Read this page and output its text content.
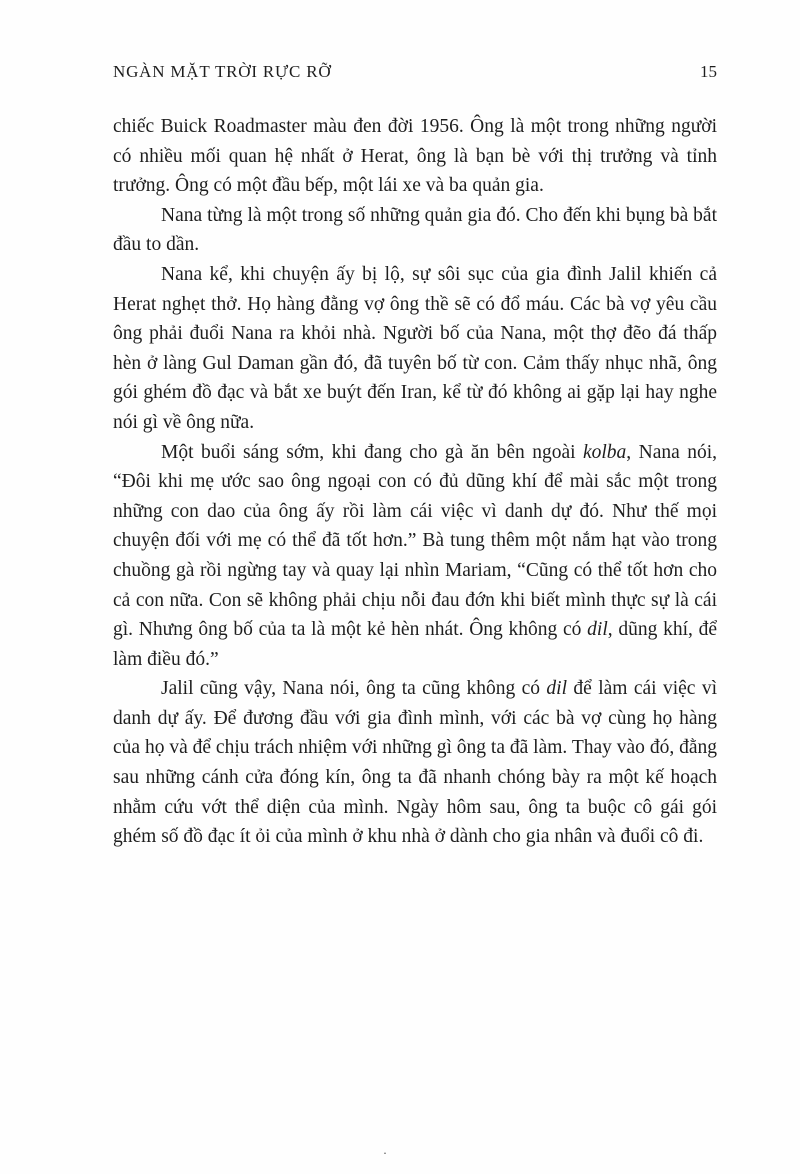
NGÀN MẶT TRỜI RỰC RỠ	15

chiếc Buick Roadmaster màu đen đời 1956. Ông là một trong những người có nhiều mối quan hệ nhất ở Herat, ông là bạn bè với thị trưởng và tỉnh trưởng. Ông có một đầu bếp, một lái xe và ba quản gia.

Nana từng là một trong số những quản gia đó. Cho đến khi bụng bà bắt đầu to dần.

Nana kể, khi chuyện ấy bị lộ, sự sôi sục của gia đình Jalil khiến cả Herat nghẹt thở. Họ hàng đằng vợ ông thề sẽ có đổ máu. Các bà vợ yêu cầu ông phải đuổi Nana ra khỏi nhà. Người bố của Nana, một thợ đẽo đá thấp hèn ở làng Gul Daman gần đó, đã tuyên bố từ con. Cảm thấy nhục nhã, ông gói ghém đồ đạc và bắt xe buýt đến Iran, kể từ đó không ai gặp lại hay nghe nói gì về ông nữa.

Một buổi sáng sớm, khi đang cho gà ăn bên ngoài kolba, Nana nói, “Đôi khi mẹ ước sao ông ngoại con có đủ dũng khí để mài sắc một trong những con dao của ông ấy rồi làm cái việc vì danh dự đó. Như thế mọi chuyện đối với mẹ có thể đã tốt hơn.” Bà tung thêm một nắm hạt vào trong chuồng gà rồi ngừng tay và quay lại nhìn Mariam, “Cũng có thể tốt hơn cho cả con nữa. Con sẽ không phải chịu nỗi đau đớn khi biết mình thực sự là cái gì. Nhưng ông bố của ta là một kẻ hèn nhát. Ông không có dil, dũng khí, để làm điều đó.”

Jalil cũng vậy, Nana nói, ông ta cũng không có dil để làm cái việc vì danh dự ấy. Để đương đầu với gia đình mình, với các bà vợ cùng họ hàng của họ và để chịu trách nhiệm với những gì ông ta đã làm. Thay vào đó, đằng sau những cánh cửa đóng kín, ông ta đã nhanh chóng bày ra một kế hoạch nhằm cứu vớt thể diện của mình. Ngày hôm sau, ông ta buộc cô gái gói ghém số đồ đạc ít ỏi của mình ở khu nhà ở dành cho gia nhân và đuổi cô đi.

.
